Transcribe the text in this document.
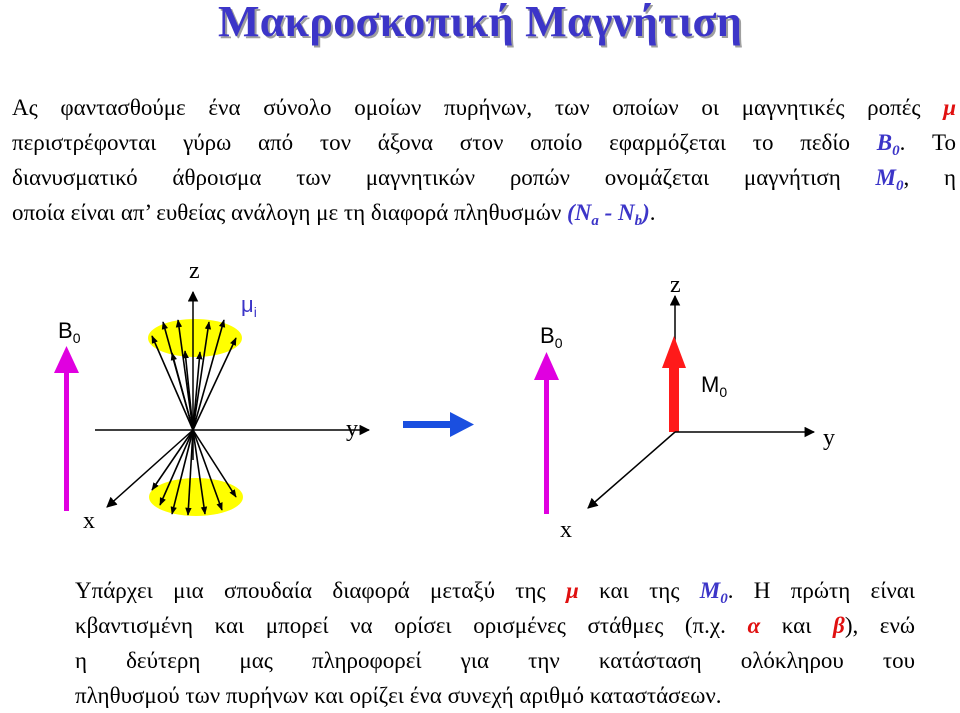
Μακροσκοπική Μαγνήτιση
Ας φαντασθούμε ένα σύνολο ομοίων πυρήνων, των οποίων οι μαγνητικές ροπές μ
περιστρέφονται γύρω από τον άξονα στον οποίο εφαρμόζεται το πεδίο $B_0$. Το
διανυσματικό άθροισμα των μαγνητικών ροπών ονομάζεται μαγνήτιση $M_0$, η
οποία είναι απ’ ευθείας ανάλογη με τη διαφορά πληθυσμών $(N_a - N_b)$.
$B_0$
z
$\mu_i$
y
x
$B_0$
z
$M_0$
y
x
Υπάρχει μια σπουδαία διαφορά μεταξύ της μ και της $M_0$. Η πρώτη είναι
κβαντισμένη και μπορεί να ορίσει ορισμένες στάθμες (π.χ. α και β), ενώ
η δεύτερη μας πληροφορεί για την κατάσταση ολόκληρου του
πληθυσμού των πυρήνων και ορίζει ένα συνεχή αριθμό καταστάσεων.
